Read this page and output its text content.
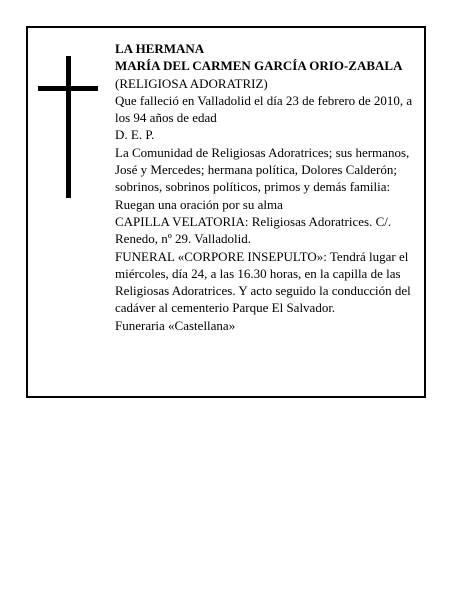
LA HERMANA
MARÍA DEL CARMEN GARCÍA ORIO-ZABALA
(RELIGIOSA ADORATRIZ)
Que falleció en Valladolid el día 23 de febrero de 2010, a los 94 años de edad
D. E. P.
La Comunidad de Religiosas Adoratrices; sus hermanos, José y Mercedes; hermana política, Dolores Calderón; sobrinos, sobrinos políticos, primos y demás familia:
Ruegan una oración por su alma
CAPILLA VELATORIA: Religiosas Adoratrices. C/. Renedo, nº 29. Valladolid.
FUNERAL «CORPORE INSEPULTO»: Tendrá lugar el miércoles, día 24, a las 16.30 horas, en la capilla de las Religiosas Adoratrices. Y acto seguido la conducción del cadáver al cementerio Parque El Salvador.
Funeraria «Castellana»
